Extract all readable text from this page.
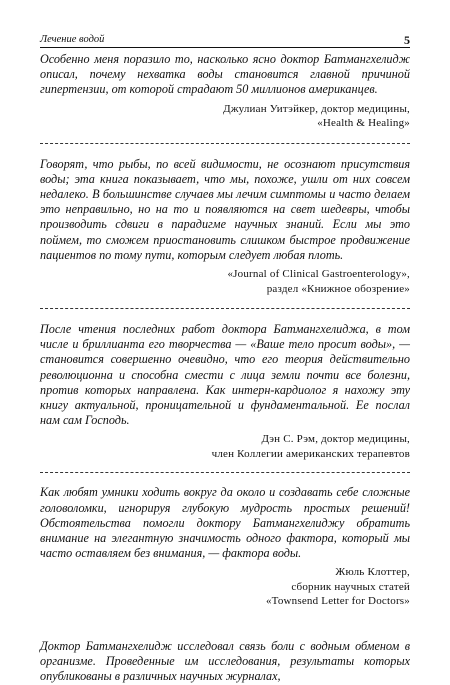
Лечение водой	5

Особенно меня поразило то, насколько ясно доктор Батмангхелидж описал, почему нехватка воды становится главной причиной гипертензии, от которой страдают 50 миллионов американцев.

Джулиан Уитэйкер, доктор медицины,
«Health & Healing»

Говорят, что рыбы, по всей видимости, не осознают присутствия воды; эта книга показывает, что мы, похоже, ушли от них совсем недалеко. В большинстве случаев мы лечим симптомы и часто делаем это неправильно, но на то и появляются на свет шедевры, чтобы производить сдвиги в парадигме научных знаний. Если мы это поймем, то сможем приостановить слишком быстрое продвижение пациентов по тому пути, которым следует любая плоть.

«Journal of Clinical Gastroenterology»,
раздел «Книжное обозрение»

После чтения последних работ доктора Батмангхелиджа, в том числе и бриллианта его творчества — «Ваше тело просит воды», — становится совершенно очевидно, что его теория действительно революционна и способна смести с лица земли почти все болезни, против которых направлена. Как интерн-кардиолог я нахожу эту книгу актуальной, проницательной и фундаментальной. Ее послал нам сам Господь.

Дэн С. Рэм, доктор медицины,
член Коллегии американских терапевтов

Как любят умники ходить вокруг да около и создавать себе сложные головоломки, игнорируя глубокую мудрость простых решений! Обстоятельства помогли доктору Батмангхелиджу обратить внимание на элегантную значимость одного фактора, который мы часто оставляем без внимания, — фактора воды.

Жюль Клоттер,
сборник научных статей
«Townsend Letter for Doctors»

Доктор Батмангхелидж исследовал связь боли с водным обменом в организме. Проведенные им исследования, результаты которых опубликованы в различных научных журналах,
